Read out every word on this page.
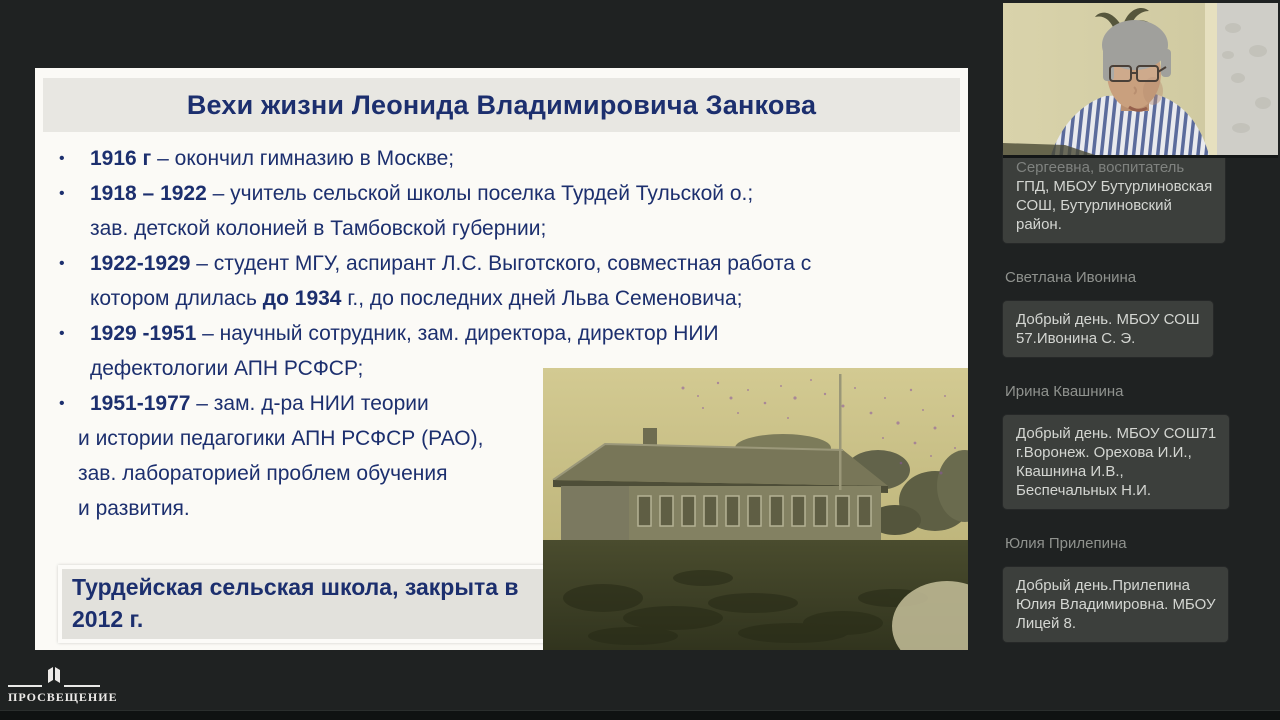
Вехи жизни Леонида Владимировича Занкова
• 1916 г – окончил гимназию в Москве;
• 1918 – 1922 – учитель сельской школы поселка Турдей Тульской о.;
зав. детской колонией в Тамбовской губернии;
• 1922-1929 – студент МГУ, аспирант Л.С. Выготского, совместная работа с
котором длилась до 1934 г., до последних дней Льва Семеновича;
• 1929 -1951 – научный сотрудник, зам. директора, директор НИИ
дефектологии АПН РСФСР;
• 1951-1977 – зам. д-ра НИИ теории
и истории педагогики АПН РСФСР (РАО),
зав. лабораторией проблем обучения
и развития.
Турдейская сельская школа, закрыта в
2012 г.
Сергеевна, воспитатель
ГПД, МБОУ Бутурлиновская
СОШ, Бутурлиновский
район.
Светлана Ивонина
Добрый день. МБОУ СОШ
57.Ивонина С. Э.
Ирина Квашнина
Добрый день. МБОУ СОШ71
г.Воронеж. Орехова И.И.,
Квашнина И.В.,
Беспечальных Н.И.
Юлия Прилепина
Добрый день.Прилепина
Юлия Владимировна. МБОУ
Лицей 8.
ПРОСВЕЩЕНИЕ
